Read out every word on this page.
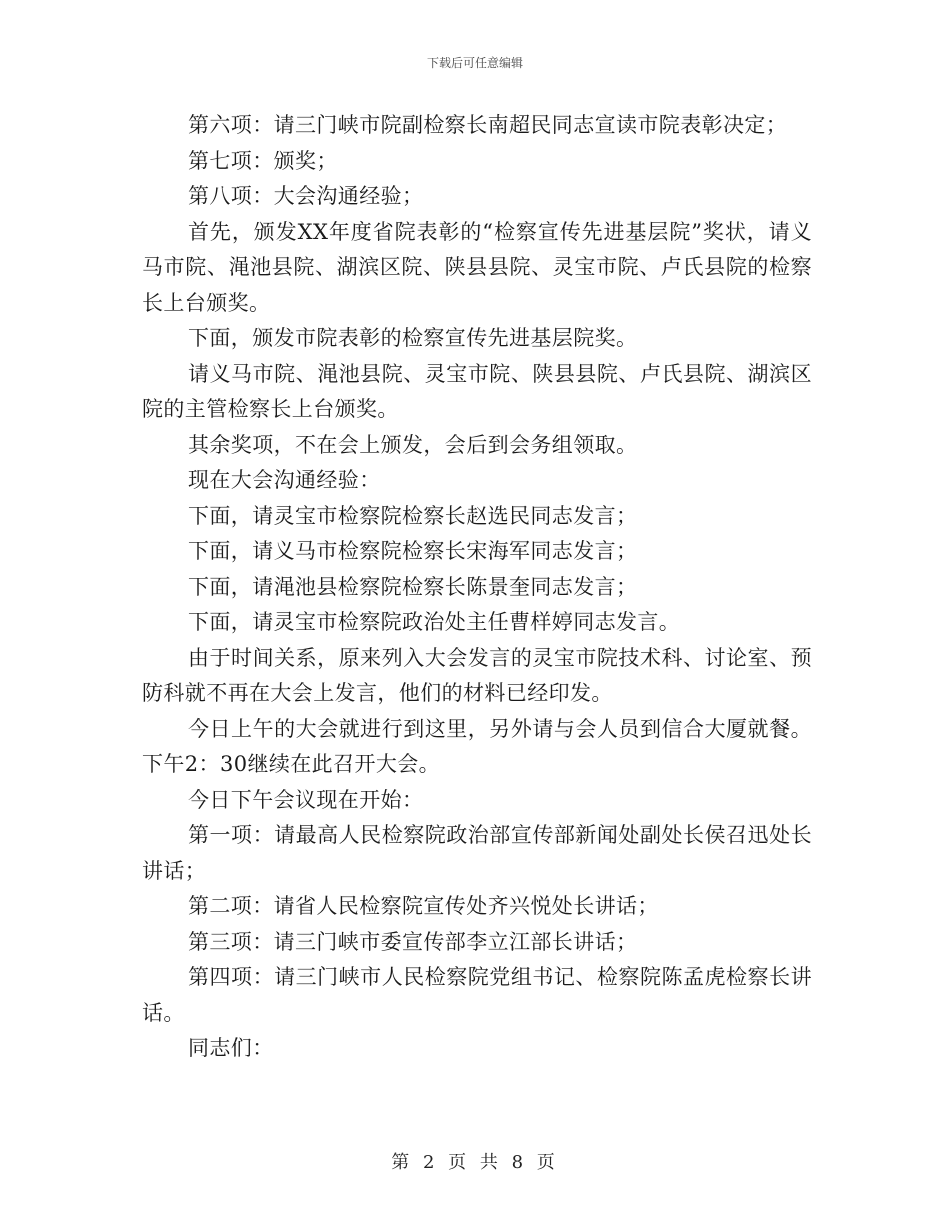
下载后可任意编辑

第六项：请三门峡市院副检察长南超民同志宣读市院表彰决定；

第七项：颁奖；

第八项：大会沟通经验；

首先，颁发XX年度省院表彰的“检察宣传先进基层院”奖状，请义马市院、渑池县院、湖滨区院、陕县县院、灵宝市院、卢氏县院的检察长上台颁奖。

下面，颁发市院表彰的检察宣传先进基层院奖。

请义马市院、渑池县院、灵宝市院、陕县县院、卢氏县院、湖滨区院的主管检察长上台颁奖。

其余奖项，不在会上颁发，会后到会务组领取。

现在大会沟通经验：

下面，请灵宝市检察院检察长赵选民同志发言；

下面，请义马市检察院检察长宋海军同志发言；

下面，请渑池县检察院检察长陈景奎同志发言；

下面，请灵宝市检察院政治处主任曹样婷同志发言。

由于时间关系，原来列入大会发言的灵宝市院技术科、讨论室、预防科就不再在大会上发言，他们的材料已经印发。

今日上午的大会就进行到这里，另外请与会人员到信合大厦就餐。下午2：30继续在此召开大会。

今日下午会议现在开始：

第一项：请最高人民检察院政治部宣传部新闻处副处长侯召迅处长讲话；

第二项：请省人民检察院宣传处齐兴悦处长讲话；

第三项：请三门峡市委宣传部李立江部长讲话；

第四项：请三门峡市人民检察院党组书记、检察院陈孟虎检察长讲话。

同志们：

第 2 页 共 8 页
